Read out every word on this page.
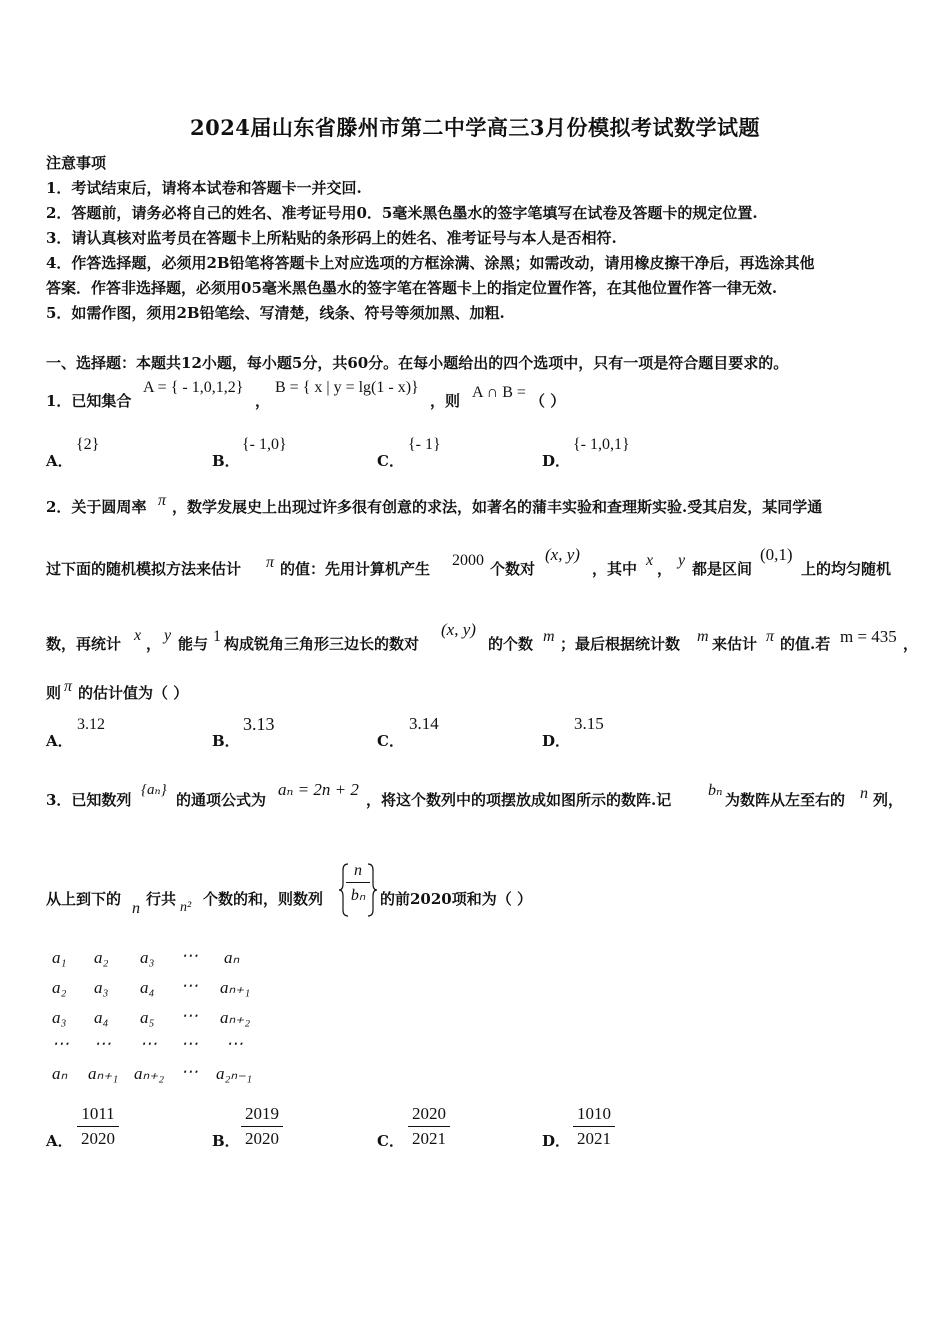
2024届山东省滕州市第二中学高三3月份模拟考试数学试题
注意事项
1．考试结束后，请将本试卷和答题卡一并交回.
2．答题前，请务必将自己的姓名、准考证号用0．5毫米黑色墨水的签字笔填写在试卷及答题卡的规定位置.
3．请认真核对监考员在答题卡上所粘贴的条形码上的姓名、准考证号与本人是否相符.
4．作答选择题，必须用2B铅笔将答题卡上对应选项的方框涂满、涂黑；如需改动，请用橡皮擦干净后，再选涂其他
答案．作答非选择题，必须用05毫米黑色墨水的签字笔在答题卡上的指定位置作答，在其他位置作答一律无效.
5．如需作图，须用2B铅笔绘、写清楚，线条、符号等须加黑、加粗.
一、选择题：本题共12小题，每小题5分，共60分。在每小题给出的四个选项中，只有一项是符合题目要求的。
1．已知集合
A = { - 1,0,1,2}
，
B = { x | y = lg(1 - x)}
，则 A ∩ B = （ ）
A．
{2}
B．
{- 1,0}
C．
{- 1}
D．
{- 1,0,1}
2．关于圆周率 π ，数学发展史上出现过许多很有创意的求法，如著名的蒲丰实验和查理斯实验.受其启发，某同学通
过下面的随机模拟方法来估计 π 的值：先用计算机产生 2000 个数对
(x, y)
，其中 x ， y 都是区间
(0,1)
上的均匀随机
数，再统计 x ， y 能与 1 构成锐角三角形三边长的数对
(x, y)
的个数 m ；最后根据统计数 m 来估计 π 的值.若 m = 435 ，
则 π 的估计值为（ ）
A．
3.12
B．
3.13
C．
3.14
D．
3.15
3．已知数列
{aₙ}
的通项公式为
aₙ = 2n + 2
，将这个数列中的项摆放成如图所示的数阵.记
bₙ
为数阵从左至右的 n 列，
从上到下的
n
行共 n² 个数的和，则数列
n
bₙ 的前2020项和为（ ）
a₁ a₂ a₃ ⋯ aₙ
a₂ a₃ a₄ ⋯ aₙ₊₁
a₃ a₄ a₅ ⋯ aₙ₊₂
⋯ ⋯ ⋯ ⋯ ⋯
aₙ aₙ₊₁ aₙ₊₂ ⋯ a₂ₙ₋₁
A．
1011
2020	B．
2019
2020	C．
2020
2021	D．
1010
2021
